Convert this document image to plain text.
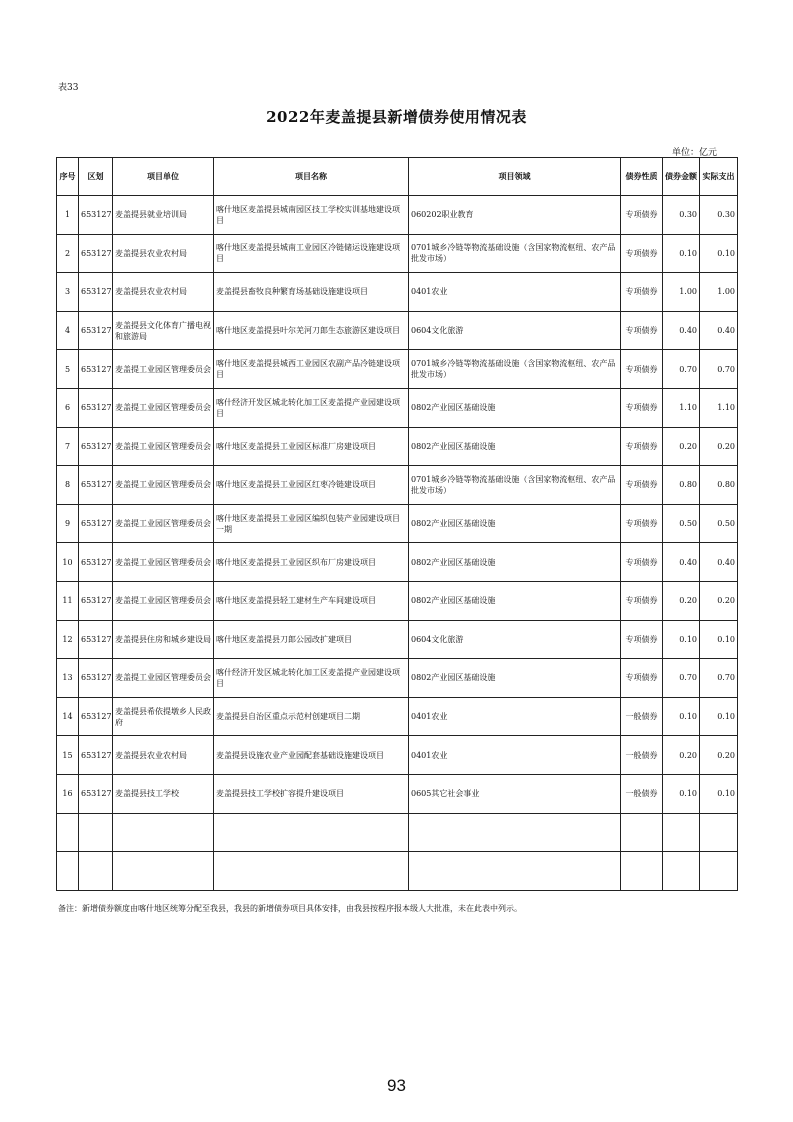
表33
2022年麦盖提县新增债券使用情况表
单位：亿元
序号	区划	项目单位	项目名称	项目领域	债券性质	债券金额	实际支出
1	653127	麦盖提县就业培训局	喀什地区麦盖提县城南园区技工学校实训基地建设项目	060202职业教育	专项债券	0.30	0.30
2	653127	麦盖提县农业农村局	喀什地区麦盖提县城南工业园区冷链储运设施建设项目	0701城乡冷链等物流基础设施（含国家物流枢纽、农产品批发市场）	专项债券	0.10	0.10
3	653127	麦盖提县农业农村局	麦盖提县畜牧良种繁育场基础设施建设项目	0401农业	专项债券	1.00	1.00
4	653127	麦盖提县文化体育广播电视和旅游局	喀什地区麦盖提县叶尔羌河刀郎生态旅游区建设项目	0604文化旅游	专项债券	0.40	0.40
5	653127	麦盖提工业园区管理委员会	喀什地区麦盖提县城西工业园区农副产品冷链建设项目	0701城乡冷链等物流基础设施（含国家物流枢纽、农产品批发市场）	专项债券	0.70	0.70
6	653127	麦盖提工业园区管理委员会	喀什经济开发区城北转化加工区麦盖提产业园建设项目	0802产业园区基础设施	专项债券	1.10	1.10
7	653127	麦盖提工业园区管理委员会	喀什地区麦盖提县工业园区标准厂房建设项目	0802产业园区基础设施	专项债券	0.20	0.20
8	653127	麦盖提工业园区管理委员会	喀什地区麦盖提县工业园区红枣冷链建设项目	0701城乡冷链等物流基础设施（含国家物流枢纽、农产品批发市场）	专项债券	0.80	0.80
9	653127	麦盖提工业园区管理委员会	喀什地区麦盖提县工业园区编织包装产业园建设项目一期	0802产业园区基础设施	专项债券	0.50	0.50
10	653127	麦盖提工业园区管理委员会	喀什地区麦盖提县工业园区织布厂房建设项目	0802产业园区基础设施	专项债券	0.40	0.40
11	653127	麦盖提工业园区管理委员会	喀什地区麦盖提县轻工建材生产车间建设项目	0802产业园区基础设施	专项债券	0.20	0.20
12	653127	麦盖提县住房和城乡建设局	喀什地区麦盖提县刀郎公园改扩建项目	0604文化旅游	专项债券	0.10	0.10
13	653127	麦盖提工业园区管理委员会	喀什经济开发区城北转化加工区麦盖提产业园建设项目	0802产业园区基础设施	专项债券	0.70	0.70
14	653127	麦盖提县希依提墩乡人民政府	麦盖提县自治区重点示范村创建项目二期	0401农业	一般债券	0.10	0.10
15	653127	麦盖提县农业农村局	麦盖提县设施农业产业园配套基础设施建设项目	0401农业	一般债券	0.20	0.20
16	653127	麦盖提县技工学校	麦盖提县技工学校扩容提升建设项目	0605其它社会事业	一般债券	0.10	0.10

备注：新增债券额度由喀什地区统筹分配至我县，我县的新增债券项目具体安排，由我县按程序报本级人大批准，未在此表中列示。
93
